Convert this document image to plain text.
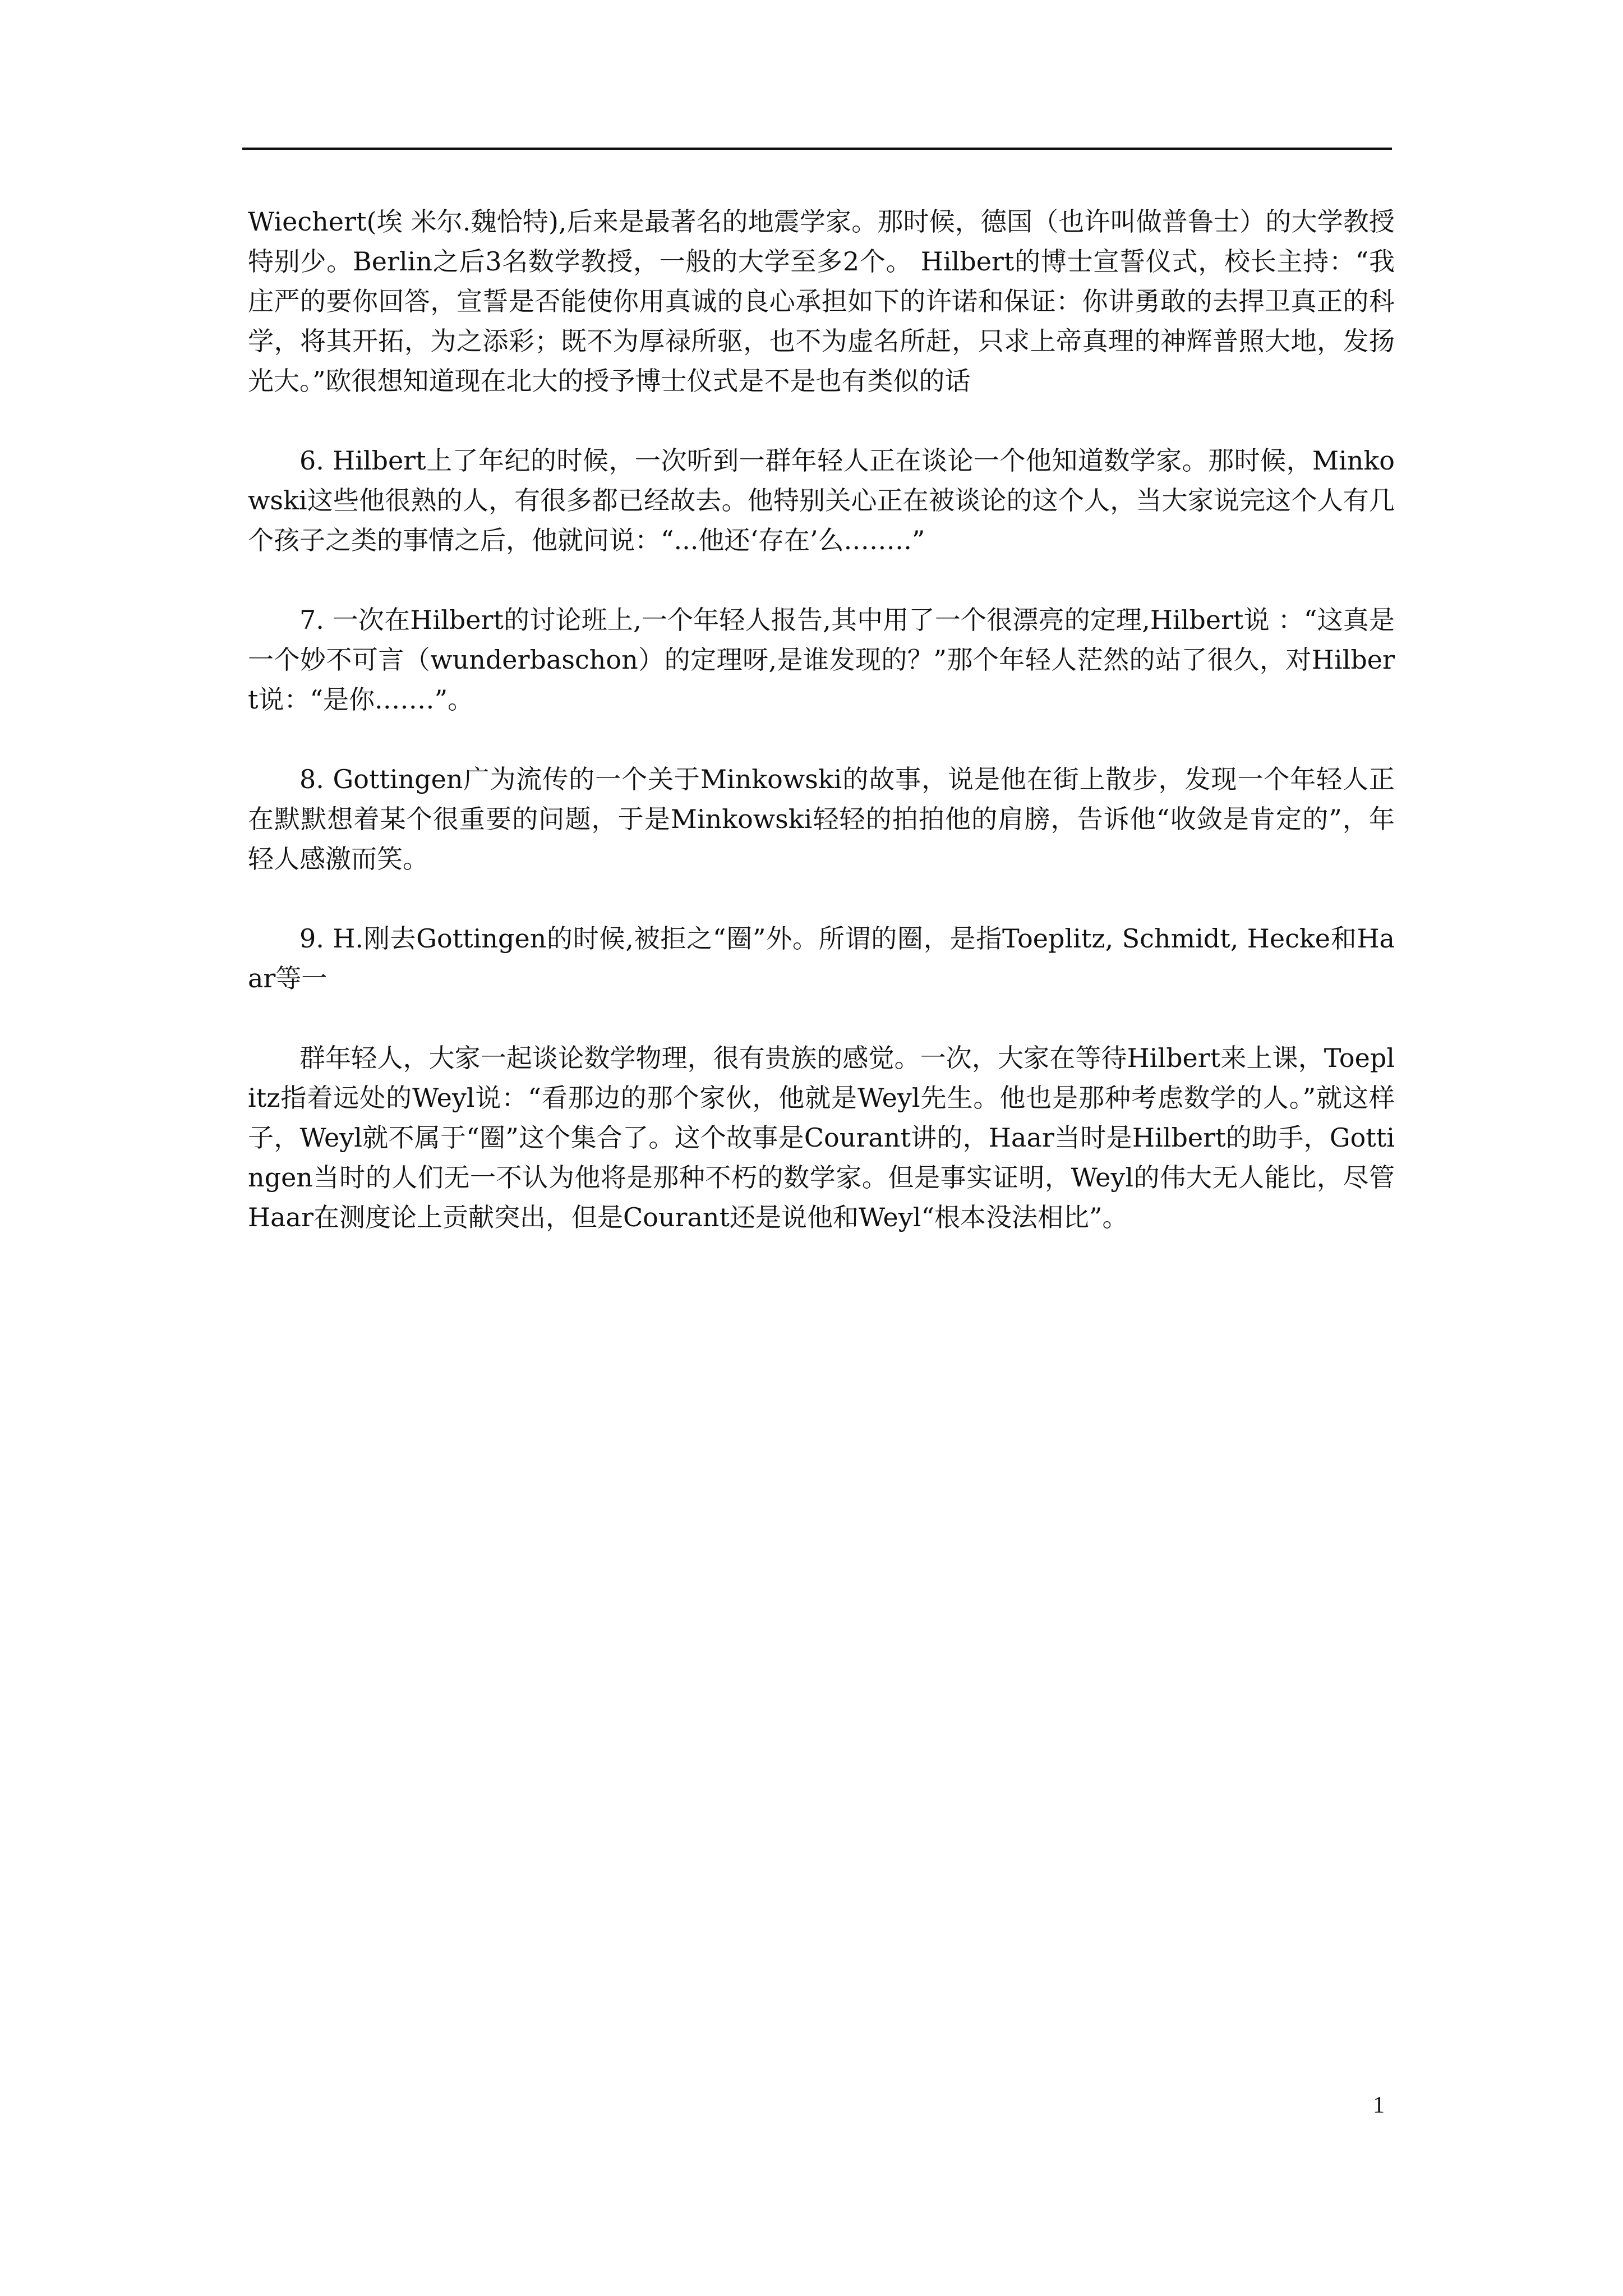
Wiechert(埃 米尔.魏恰特),后来是最著名的地震学家。那时候，德国（也许叫做普鲁士）的大学教授特别少。Berlin之后3名数学教授，一般的大学至多2个。 Hilbert的博士宣誓仪式，校长主持：“我庄严的要你回答，宣誓是否能使你用真诚的良心承担如下的许诺和保证：你讲勇敢的去捍卫真正的科学，将其开拓，为之添彩；既不为厚禄所驱，也不为虚名所赶，只求上帝真理的神辉普照大地，发扬光大。”欧很想知道现在北大的授予博士仪式是不是也有类似的话

6. Hilbert上了年纪的时候，一次听到一群年轻人正在谈论一个他知道数学家。那时候，Minkowski这些他很熟的人，有很多都已经故去。他特别关心正在被谈论的这个人，当大家说完这个人有几个孩子之类的事情之后，他就问说：“...他还‘存在’么.…….”

7. 一次在Hilbert的讨论班上,一个年轻人报告,其中用了一个很漂亮的定理,Hilbert说 ：“这真是一个妙不可言（wunderbaschon）的定理呀,是谁发现的？”那个年轻人茫然的站了很久，对Hilbert说：“是你.……”。

8. Gottingen广为流传的一个关于Minkowski的故事，说是他在街上散步，发现一个年轻人正在默默想着某个很重要的问题，于是Minkowski轻轻的拍拍他的肩膀，告诉他“收敛是肯定的”，年轻人感激而笑。

9. H.刚去Gottingen的时候,被拒之“圈”外。所谓的圈，是指Toeplitz, Schmidt, Hecke和Haar等一

群年轻人，大家一起谈论数学物理，很有贵族的感觉。一次，大家在等待Hilbert来上课，Toeplitz指着远处的Weyl说：“看那边的那个家伙，他就是Weyl先生。他也是那种考虑数学的人。”就这样子，Weyl就不属于“圈”这个集合了。这个故事是Courant讲的，Haar当时是Hilbert的助手，Gottingen当时的人们无一不认为他将是那种不朽的数学家。但是事实证明，Weyl的伟大无人能比，尽管Haar在测度论上贡献突出，但是Courant还是说他和Weyl“根本没法相比”。

1
